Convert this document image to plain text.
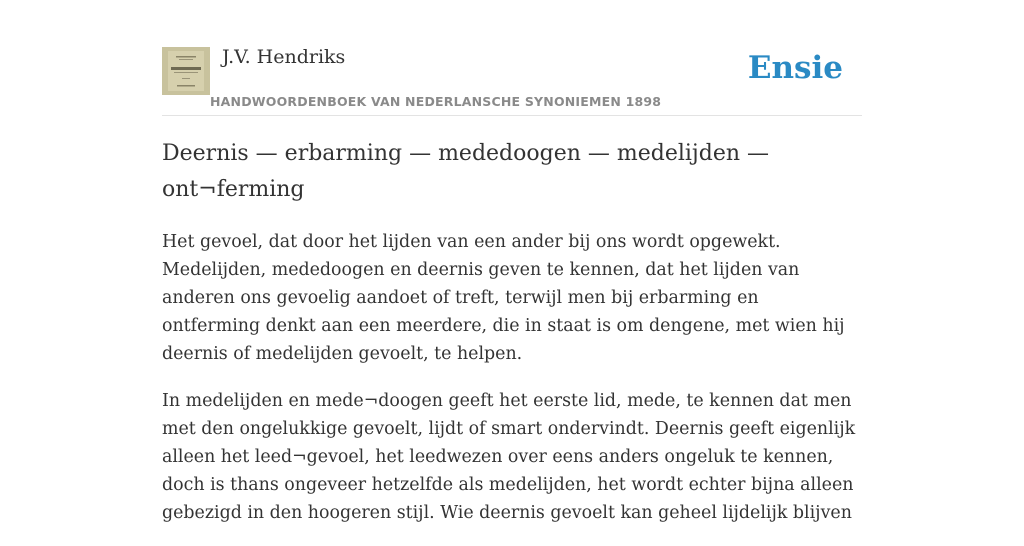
J.V. Hendriks
HANDWOORDENBOEK VAN NEDERLANSCHE SYNONIEMEN 1898
Ensie
Deernis — erbarming — mededoogen — medelijden — ont¬ferming

Het gevoel, dat door het lijden van een ander bij ons wordt opgewekt. Medelijden, mededoogen en deernis geven te kennen, dat het lijden van anderen ons gevoelig aandoet of treft, terwijl men bij erbarming en ontferming denkt aan een meerdere, die in staat is om dengene, met wien hij deernis of medelijden gevoelt, te helpen.

In medelijden en mede¬doogen geeft het eerste lid, mede, te kennen dat men met den ongelukkige gevoelt, lijdt of smart ondervindt. Deernis geeft eigenlijk alleen het leed¬gevoel, het leedwezen over eens anders ongeluk te kennen, doch is thans ongeveer hetzelfde als medelijden, het wordt echter bijna alleen gebezigd in den hoogeren stijl. Wie deernis gevoelt kan geheel lijdelijk blijven
